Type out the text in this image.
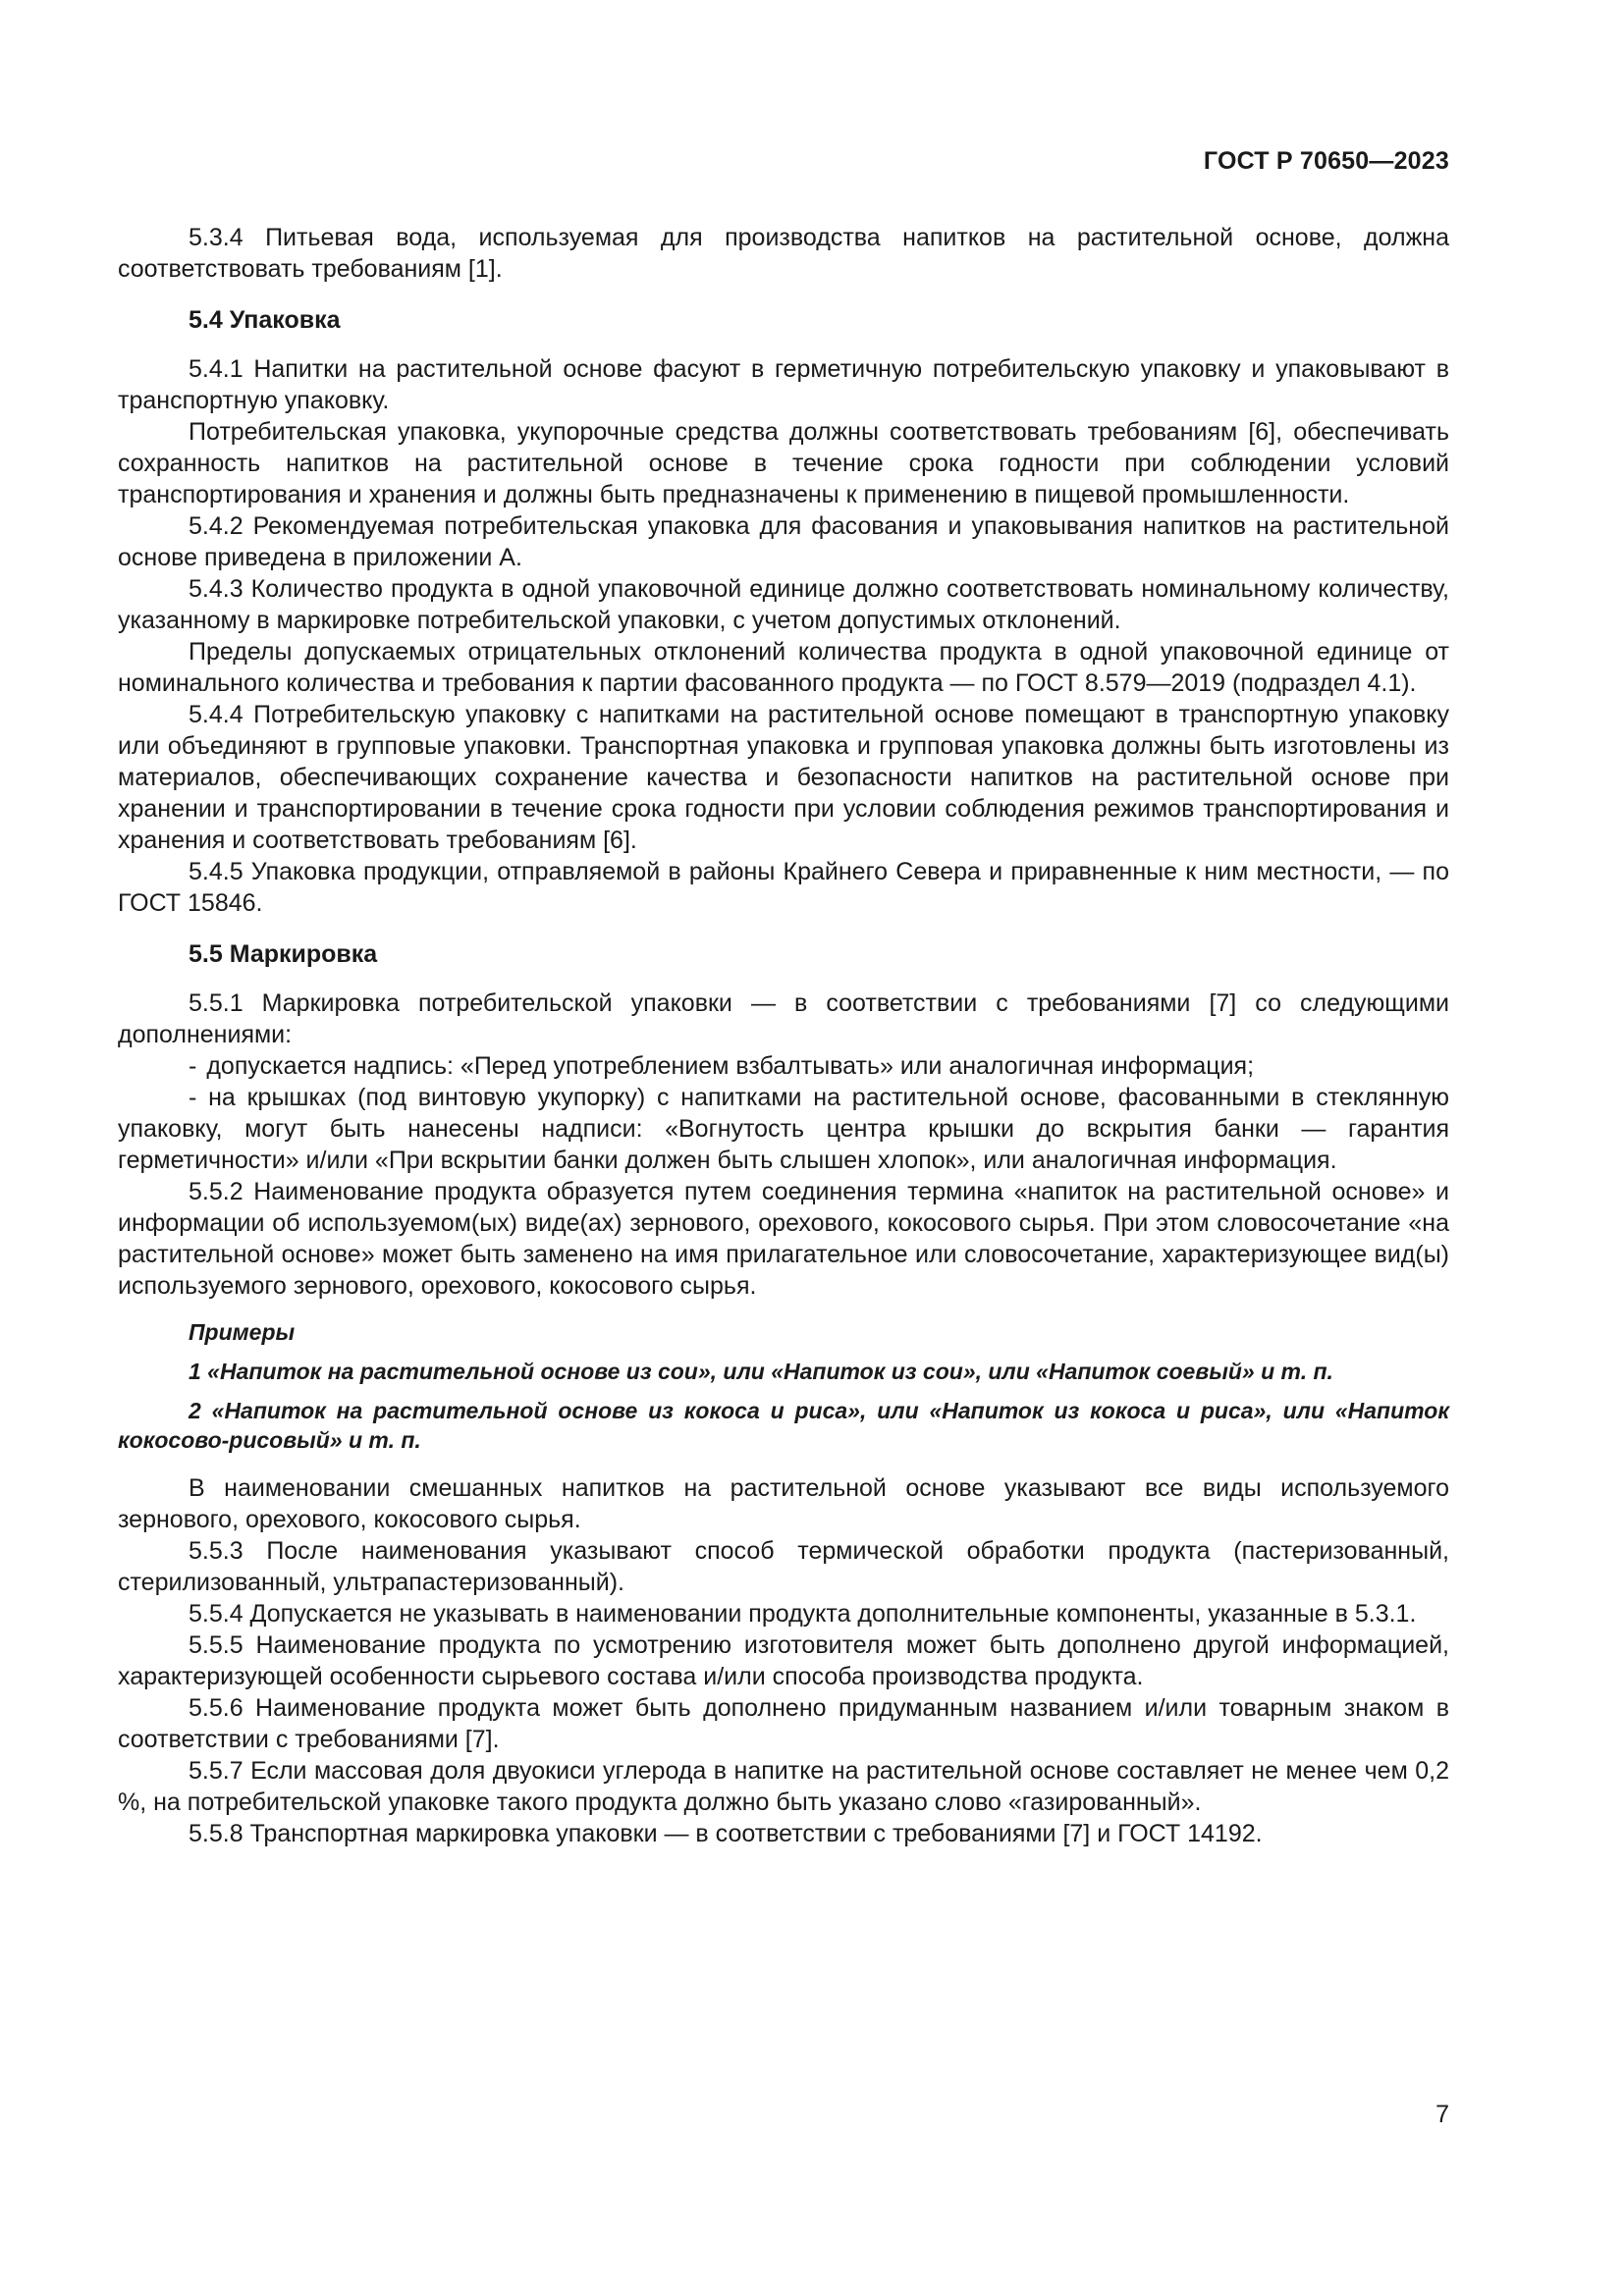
ГОСТ Р 70650—2023

5.3.4 Питьевая вода, используемая для производства напитков на растительной основе, должна соответствовать требованиям [1].

5.4 Упаковка

5.4.1 Напитки на растительной основе фасуют в герметичную потребительскую упаковку и упаковывают в транспортную упаковку.

Потребительская упаковка, укупорочные средства должны соответствовать требованиям [6], обеспечивать сохранность напитков на растительной основе в течение срока годности при соблюдении условий транспортирования и хранения и должны быть предназначены к применению в пищевой промышленности.

5.4.2 Рекомендуемая потребительская упаковка для фасования и упаковывания напитков на растительной основе приведена в приложении А.

5.4.3 Количество продукта в одной упаковочной единице должно соответствовать номинальному количеству, указанному в маркировке потребительской упаковки, с учетом допустимых отклонений.

Пределы допускаемых отрицательных отклонений количества продукта в одной упаковочной единице от номинального количества и требования к партии фасованного продукта — по ГОСТ 8.579—2019 (подраздел 4.1).

5.4.4 Потребительскую упаковку с напитками на растительной основе помещают в транспортную упаковку или объединяют в групповые упаковки. Транспортная упаковка и групповая упаковка должны быть изготовлены из материалов, обеспечивающих сохранение качества и безопасности напитков на растительной основе при хранении и транспортировании в течение срока годности при условии соблюдения режимов транспортирования и хранения и соответствовать требованиям [6].

5.4.5 Упаковка продукции, отправляемой в районы Крайнего Севера и приравненные к ним местности, — по ГОСТ 15846.

5.5 Маркировка

5.5.1 Маркировка потребительской упаковки — в соответствии с требованиями [7] со следующими дополнениями:

- допускается надпись: «Перед употреблением взбалтывать» или аналогичная информация;

- на крышках (под винтовую укупорку) с напитками на растительной основе, фасованными в стеклянную упаковку, могут быть нанесены надписи: «Вогнутость центра крышки до вскрытия банки — гарантия герметичности» и/или «При вскрытии банки должен быть слышен хлопок», или аналогичная информация.

5.5.2 Наименование продукта образуется путем соединения термина «напиток на растительной основе» и информации об используемом(ых) виде(ах) зернового, орехового, кокосового сырья. При этом словосочетание «на растительной основе» может быть заменено на имя прилагательное или словосочетание, характеризующее вид(ы) используемого зернового, орехового, кокосового сырья.

Примеры

1 «Напиток на растительной основе из сои», или «Напиток из сои», или «Напиток соевый» и т. п.

2 «Напиток на растительной основе из кокоса и риса», или «Напиток из кокоса и риса», или «Напиток кокосово-рисовый» и т. п.

В наименовании смешанных напитков на растительной основе указывают все виды используемого зернового, орехового, кокосового сырья.

5.5.3 После наименования указывают способ термической обработки продукта (пастеризованный, стерилизованный, ультрапастеризованный).

5.5.4 Допускается не указывать в наименовании продукта дополнительные компоненты, указанные в 5.3.1.

5.5.5 Наименование продукта по усмотрению изготовителя может быть дополнено другой информацией, характеризующей особенности сырьевого состава и/или способа производства продукта.

5.5.6 Наименование продукта может быть дополнено придуманным названием и/или товарным знаком в соответствии с требованиями [7].

5.5.7 Если массовая доля двуокиси углерода в напитке на растительной основе составляет не менее чем 0,2 %, на потребительской упаковке такого продукта должно быть указано слово «газированный».

5.5.8 Транспортная маркировка упаковки — в соответствии с требованиями [7] и ГОСТ 14192.

7
